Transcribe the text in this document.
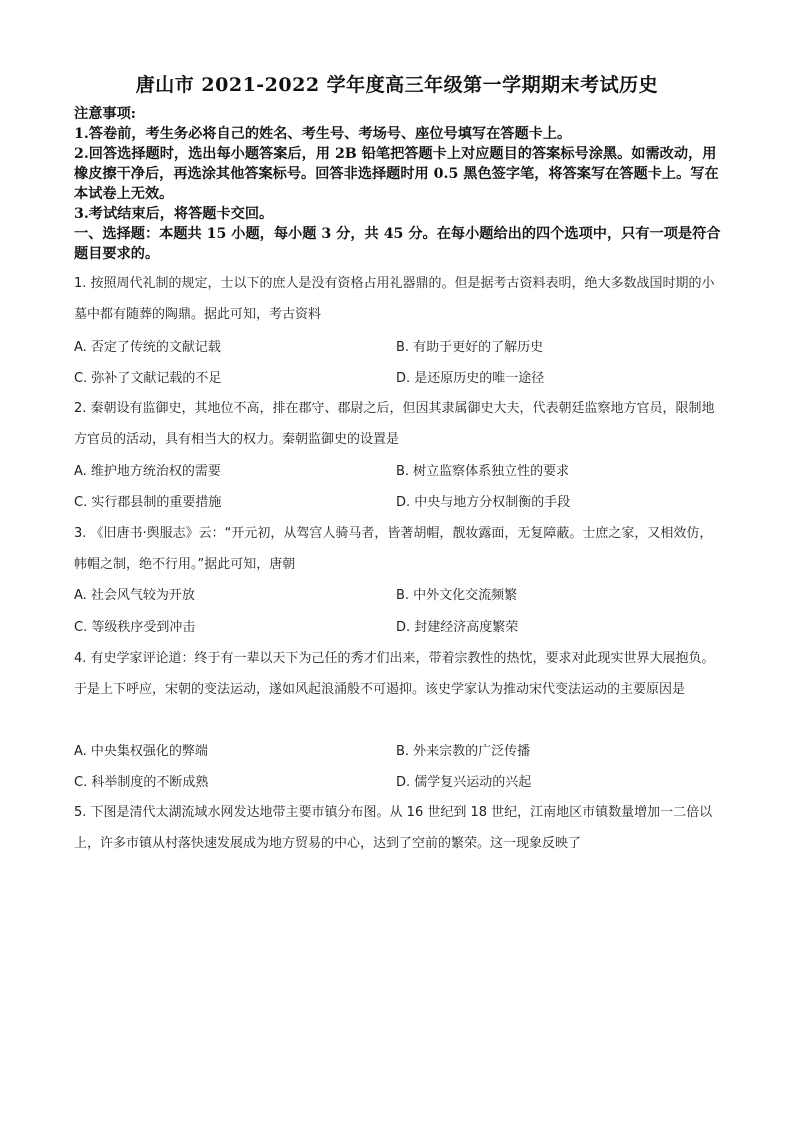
唐山市 2021-2022 学年度高三年级第一学期期末考试历史

注意事项:

1.答卷前，考生务必将自己的姓名、考生号、考场号、座位号填写在答题卡上。

2.回答选择题时，选出每小题答案后，用 2B 铅笔把答题卡上对应题目的答案标号涂黑。如需改动，用橡皮擦干净后，再选涂其他答案标号。回答非选择题时用 0.5 黑色签字笔，将答案写在答题卡上。写在本试卷上无效。

3.考试结束后，将答题卡交回。

一、选择题：本题共 15 小题，每小题 3 分，共 45 分。在每小题给出的四个选项中，只有一项是符合题目要求的。

1. 按照周代礼制的规定，士以下的庶人是没有资格占用礼器鼎的。但是据考古资料表明，绝大多数战国时期的小墓中都有随葬的陶鼎。据此可知，考古资料

A. 否定了传统的文献记载	B. 有助于更好的了解历史
C. 弥补了文献记载的不足	D. 是还原历史的唯一途径

2. 秦朝设有监御史，其地位不高，排在郡守、郡尉之后，但因其隶属御史大夫，代表朝廷监察地方官员，限制地方官员的活动，具有相当大的权力。秦朝监御史的设置是

A. 维护地方统治权的需要	B. 树立监察体系独立性的要求
C. 实行郡县制的重要措施	D. 中央与地方分权制衡的手段

3. 《旧唐书·舆服志》云：“开元初，从驾宫人骑马者，皆著胡帽，靓妆露面，无复障蔽。士庶之家，又相效仿，帏帽之制，绝不行用。”据此可知，唐朝

A. 社会风气较为开放	B. 中外文化交流频繁
C. 等级秩序受到冲击	D. 封建经济高度繁荣

4. 有史学家评论道：终于有一辈以天下为己任的秀才们出来，带着宗教性的热忱，要求对此现实世界大展抱负。于是上下呼应，宋朝的变法运动，遂如风起浪涌般不可遏抑。该史学家认为推动宋代变法运动的主要原因是

A. 中央集权强化的弊端	B. 外来宗教的广泛传播
C. 科举制度的不断成熟	D. 儒学复兴运动的兴起

5. 下图是清代太湖流域水网发达地带主要市镇分布图。从 16 世纪到 18 世纪，江南地区市镇数量增加一二倍以上，许多市镇从村落快速发展成为地方贸易的中心，达到了空前的繁荣。这一现象反映了
